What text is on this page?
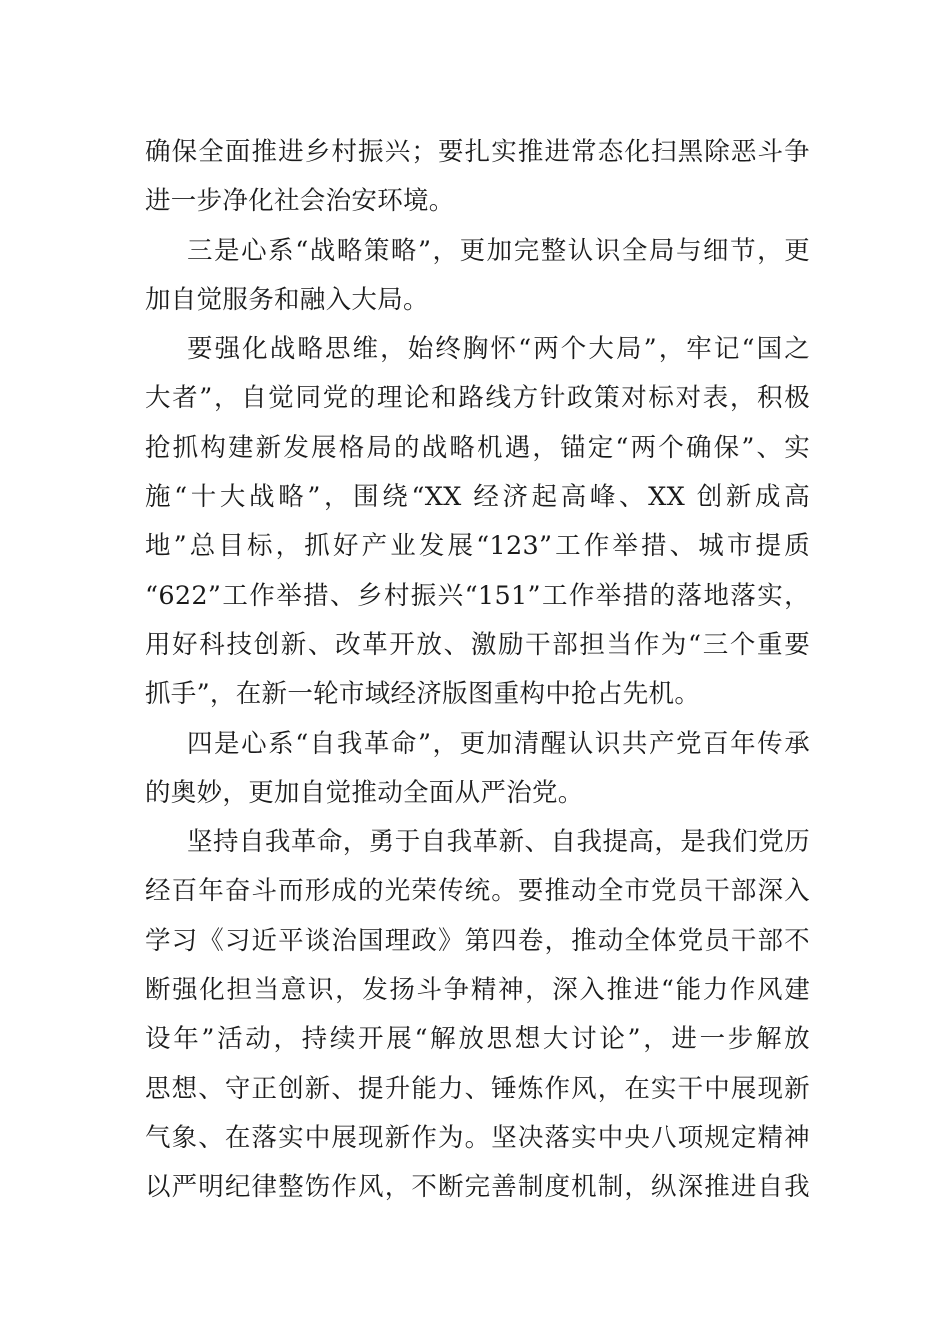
确保全面推进乡村振兴；要扎实推进常态化扫黑除恶斗争
进一步净化社会治安环境。
三是心系“战略策略”，更加完整认识全局与细节，更
加自觉服务和融入大局。
要强化战略思维，始终胸怀“两个大局”，牢记“国之
大者”，自觉同党的理论和路线方针政策对标对表，积极
抢抓构建新发展格局的战略机遇，锚定“两个确保”、实
施“十大战略”，围绕“XX 经济起高峰、XX 创新成高
地”总目标，抓好产业发展“123”工作举措、城市提质
“622”工作举措、乡村振兴“151”工作举措的落地落实，
用好科技创新、改革开放、激励干部担当作为“三个重要
抓手”，在新一轮市域经济版图重构中抢占先机。
四是心系“自我革命”，更加清醒认识共产党百年传承
的奥妙，更加自觉推动全面从严治党。
坚持自我革命，勇于自我革新、自我提高，是我们党历
经百年奋斗而形成的光荣传统。要推动全市党员干部深入
学习《习近平谈治国理政》第四卷，推动全体党员干部不
断强化担当意识，发扬斗争精神，深入推进“能力作风建
设年”活动，持续开展“解放思想大讨论”，进一步解放
思想、守正创新、提升能力、锤炼作风，在实干中展现新
气象、在落实中展现新作为。坚决落实中央八项规定精神
以严明纪律整饬作风，不断完善制度机制，纵深推进自我
